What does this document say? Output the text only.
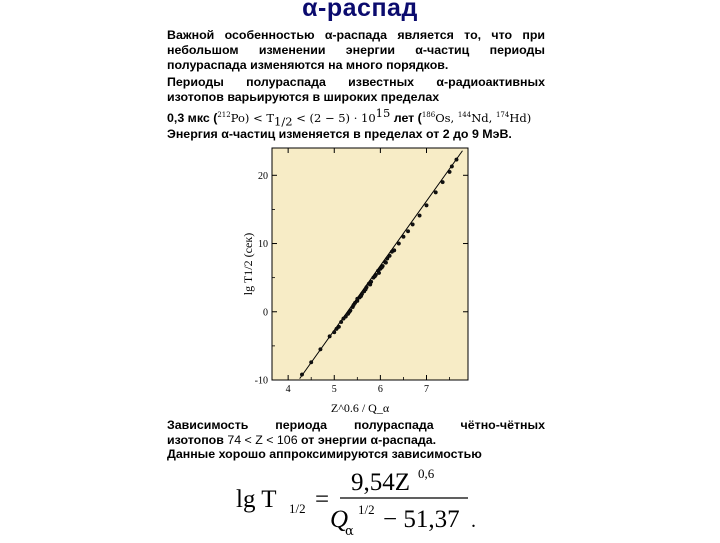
α-распад
Важной особенностью α-распада является то, что при небольшом изменении энергии α-частиц периоды полураспада изменяются на много порядков.
Периоды полураспада известных α-радиоактивных изотопов варьируются в широких пределах
0,3 мкс $(^{212}Po) < T_{1/2} < (2 - 5) \cdot 10^{15}$ лет ($^{186}$Os, $^{144}$Nd, $^{174}$Hd)
Энергия α-частиц изменяется в пределах от 2 до 9 МэВ.
4	5	6	7
-10
0
10
20
lg T1/2 (сек)
Z^0.6 / Q_α
Зависимость периода полураспада чётно-чётных
изотопов 74 < Z < 106 от энергии α-распада.
Данные хорошо аппроксимируются зависимостью
lg T 1/2 =
9,54Z 0,6
Q
α
1/2 − 51,37 .
